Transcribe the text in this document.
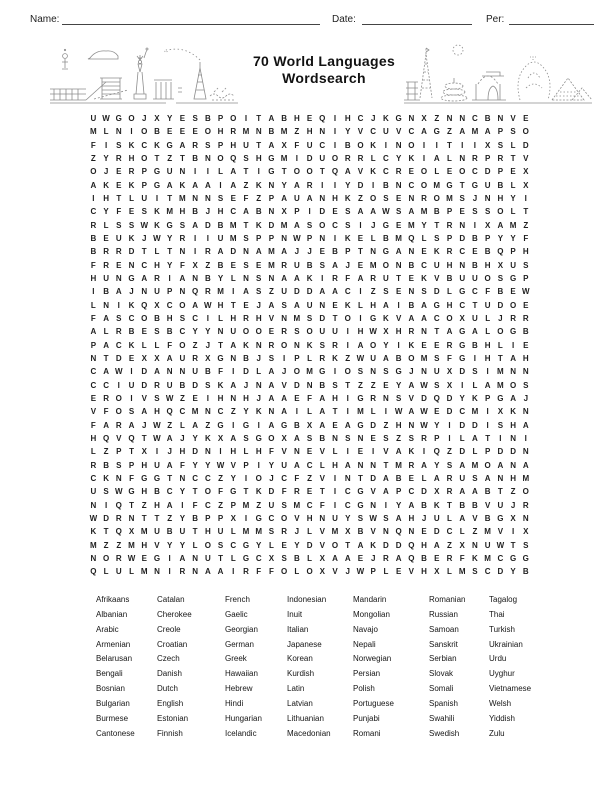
Name:	Date:	Per:
70 World Languages
Wordsearch
U W G O J X Y E S B P O	I	T A B H E Q	I	H C J K G N X Z N N C B N V E
M L N	I	O B E E E O H R M N B M Z H N	I	Y V C U V C A G Z A M A P S O
F	I	S K C K G A R S P H U T A X F U C	I	B O K	I	N O	I	I	T	I	I	X S L D
Z Y R H O T Z T B N O Q S H G M	I	D U O R R L C Y K	I	A L N R P R T V
O J E R P G U N	I	I	L A T	I	G T O O T Q A V K C R E O L E O C D P E X
A K E K P G A K A A	I	A Z K N Y A R	I	I	Y D	I	B N C O M G T G U B L X
I	H T L U	I	T M N N S E F Z P A U A N H K Z O S E N R O M S J N H Y	I
C Y F E S K M H B J H C A B N X P	I	D E S A A W S A M B P E S S O L T
R L S S W K G S A D B M T K D M A S O C S	I	J G E M Y T R N	I	X A M Z
B E U K J W Y R	I	I	U M S P P N W P N	I	K E L B M Q L S P D B P Y Y F
B R R D T L T N	I	R A D N A M A J	J E B P T N G A N E K R C E B Q P H
F R E N C H Y F X Z B E S E M R U B S A J E M O N B C U H N B H X U S
H U N G A R	I	A N B Y L N S N A A K	I	R F A R U T E K V B U U O S G P
I	B A J N U P N Q R M	I	A S Z U D D A A C	I	Z S E N S D L G C F B E W
L N	I	K Q X C O A W H T E J A S A U N E K L H A	I	B A G H C T U D O E
F A S C O B H S C	I	L H R H V N M S D T O	I	G K V A A C O X U L	J R R
A L R B E S B C Y Y N U O O E R S O U U	I	H W X H R N T A G A L O G B
P A C K L L F O Z	J	T A K N R O N K S R	I	A O Y	I	K E E R G B H L	I	E
N T D E X X A U R X G N B J S	I	P L R K Z W U A B O M S F G	I	H T A H
C A W I	D A N N U B F	I	D L A J O M G	I	O S N S G J N U X D S	I	M N N
C C	I	U D R U B D S K A J N A V D N B S T Z Z E Y A W S X	I	L A M O S
E R O	I	V S W Z E	I	H N H J A A E F A H	I	G R N S V D Q D Y K P G A J
V F O S A H Q C M N C Z Y K N A	I	L A T	I	M L	I W A W E D C M	I	X K N
F A R A J W Z L A Z G	I	G	I	A G B X A E A G D Z H N W Y	I	D D	I	S H A
H Q V Q T W A J Y K X A S G O X A S B N S N E S Z S R P	I	L A T	I	N	I
L Z P T X	I	J H D N	I	H L H F V N E V L	I	E	I	V A K	I	Q Z D L P D D N
R B S P H U A F Y Y W V P	I	Y U A C L H A N N T M R A Y S A M O A N A
C K N F G G T N C C Z Y	I	O J C F Z V	I	N T D A B E L A R U S A N H M
U S W G H B C Y T O F G T K D F R E T	I	C G V A P C D X R A A B T Z O
N	I	Q T Z H A	I	F C Z P M Z U S M C F	I	C G N	I	Y A B K T B B V U J R
W D R N T T Z Y B P P X	I	G C O V H N U Y S W S A H J U L A V B G X N
K T Q X M U B U T H U L M M S R J	L V M X B V N Q N E D C L Z M V	I	X
M Z Z M H V Y Y L O S C G Y L E Y D V O T A K D D Q H A Z X N U W T S
N O R W E G	I	A N U T L G C X S B L X A A E J R A Q B E R F K M C G G
Q L U L M N	I	R N A A	I	R F F O L O X V J W P L E V H X L M S C D Y B
Afrikaans
Albanian
Arabic
Armenian
Belarusan
Bengali
Bosnian
Bulgarian
Burmese
Cantonese
Catalan
Cherokee
Creole
Croatian
Czech
Danish
Dutch
English
Estonian
Finnish
French
Gaelic
Georgian
German
Greek
Hawaiian
Hebrew
Hindi
Hungarian
Icelandic
Indonesian
Inuit
Italian
Japanese
Korean
Kurdish
Latin
Latvian
Lithuanian
Macedonian
Mandarin
Mongolian
Navajo
Nepali
Norwegian
Persian
Polish
Portuguese
Punjabi
Romani
Romanian
Russian
Samoan
Sanskrit
Serbian
Slovak
Somali
Spanish
Swahili
Swedish
Tagalog
Thai
Turkish
Ukrainian
Urdu
Uyghur
Vietnamese
Welsh
Yiddish
Zulu
